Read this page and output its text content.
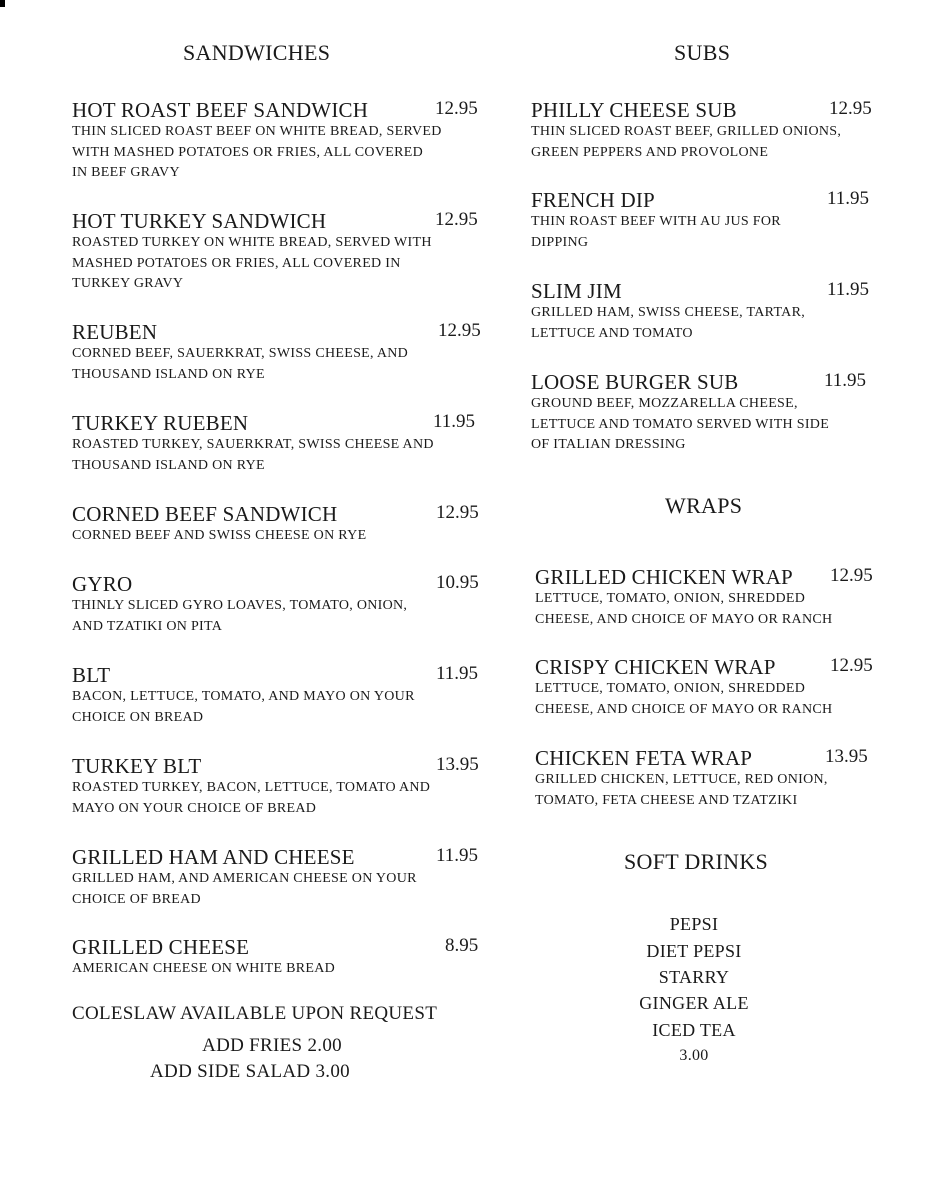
SANDWICHES
HOT ROAST BEEF SANDWICH	12.95
THIN SLICED ROAST BEEF ON WHITE BREAD, SERVED
WITH MASHED POTATOES OR FRIES, ALL COVERED
IN BEEF GRAVY
HOT TURKEY SANDWICH	12.95
ROASTED TURKEY ON WHITE BREAD, SERVED WITH
MASHED POTATOES OR FRIES, ALL COVERED IN
TURKEY GRAVY
REUBEN	12.95
CORNED BEEF, SAUERKRAT, SWISS CHEESE, AND
THOUSAND ISLAND ON RYE
TURKEY RUEBEN	11.95
ROASTED TURKEY, SAUERKRAT, SWISS CHEESE AND
THOUSAND ISLAND ON RYE
CORNED BEEF SANDWICH	12.95
CORNED BEEF AND SWISS CHEESE ON RYE
GYRO	10.95
THINLY SLICED GYRO LOAVES, TOMATO, ONION,
AND TZATIKI ON PITA
BLT	11.95
BACON, LETTUCE, TOMATO, AND MAYO ON YOUR
CHOICE ON BREAD
TURKEY BLT	13.95
ROASTED TURKEY, BACON, LETTUCE, TOMATO AND
MAYO ON YOUR CHOICE OF BREAD
GRILLED HAM AND CHEESE	11.95
GRILLED HAM, AND AMERICAN CHEESE ON YOUR
CHOICE OF BREAD
GRILLED CHEESE	8.95
AMERICAN CHEESE ON WHITE BREAD
COLESLAW AVAILABLE UPON REQUEST
ADD FRIES 2.00
ADD SIDE SALAD 3.00
SUBS
PHILLY CHEESE SUB	12.95
THIN SLICED ROAST BEEF, GRILLED ONIONS,
GREEN PEPPERS AND PROVOLONE
FRENCH DIP	11.95
THIN ROAST BEEF WITH AU JUS FOR
DIPPING
SLIM JIM	11.95
GRILLED HAM, SWISS CHEESE, TARTAR,
LETTUCE AND TOMATO
LOOSE BURGER SUB	11.95
GROUND BEEF, MOZZARELLA CHEESE,
LETTUCE AND TOMATO SERVED WITH SIDE
OF ITALIAN DRESSING
WRAPS
GRILLED CHICKEN WRAP 12.95
LETTUCE, TOMATO, ONION, SHREDDED
CHEESE, AND CHOICE OF MAYO OR RANCH
CRISPY CHICKEN WRAP	12.95
LETTUCE, TOMATO, ONION, SHREDDED
CHEESE, AND CHOICE OF MAYO OR RANCH
CHICKEN FETA WRAP	13.95
GRILLED CHICKEN, LETTUCE, RED ONION,
TOMATO, FETA CHEESE AND TZATZIKI
SOFT DRINKS
PEPSI
DIET PEPSI
STARRY
GINGER ALE
ICED TEA
3.00
